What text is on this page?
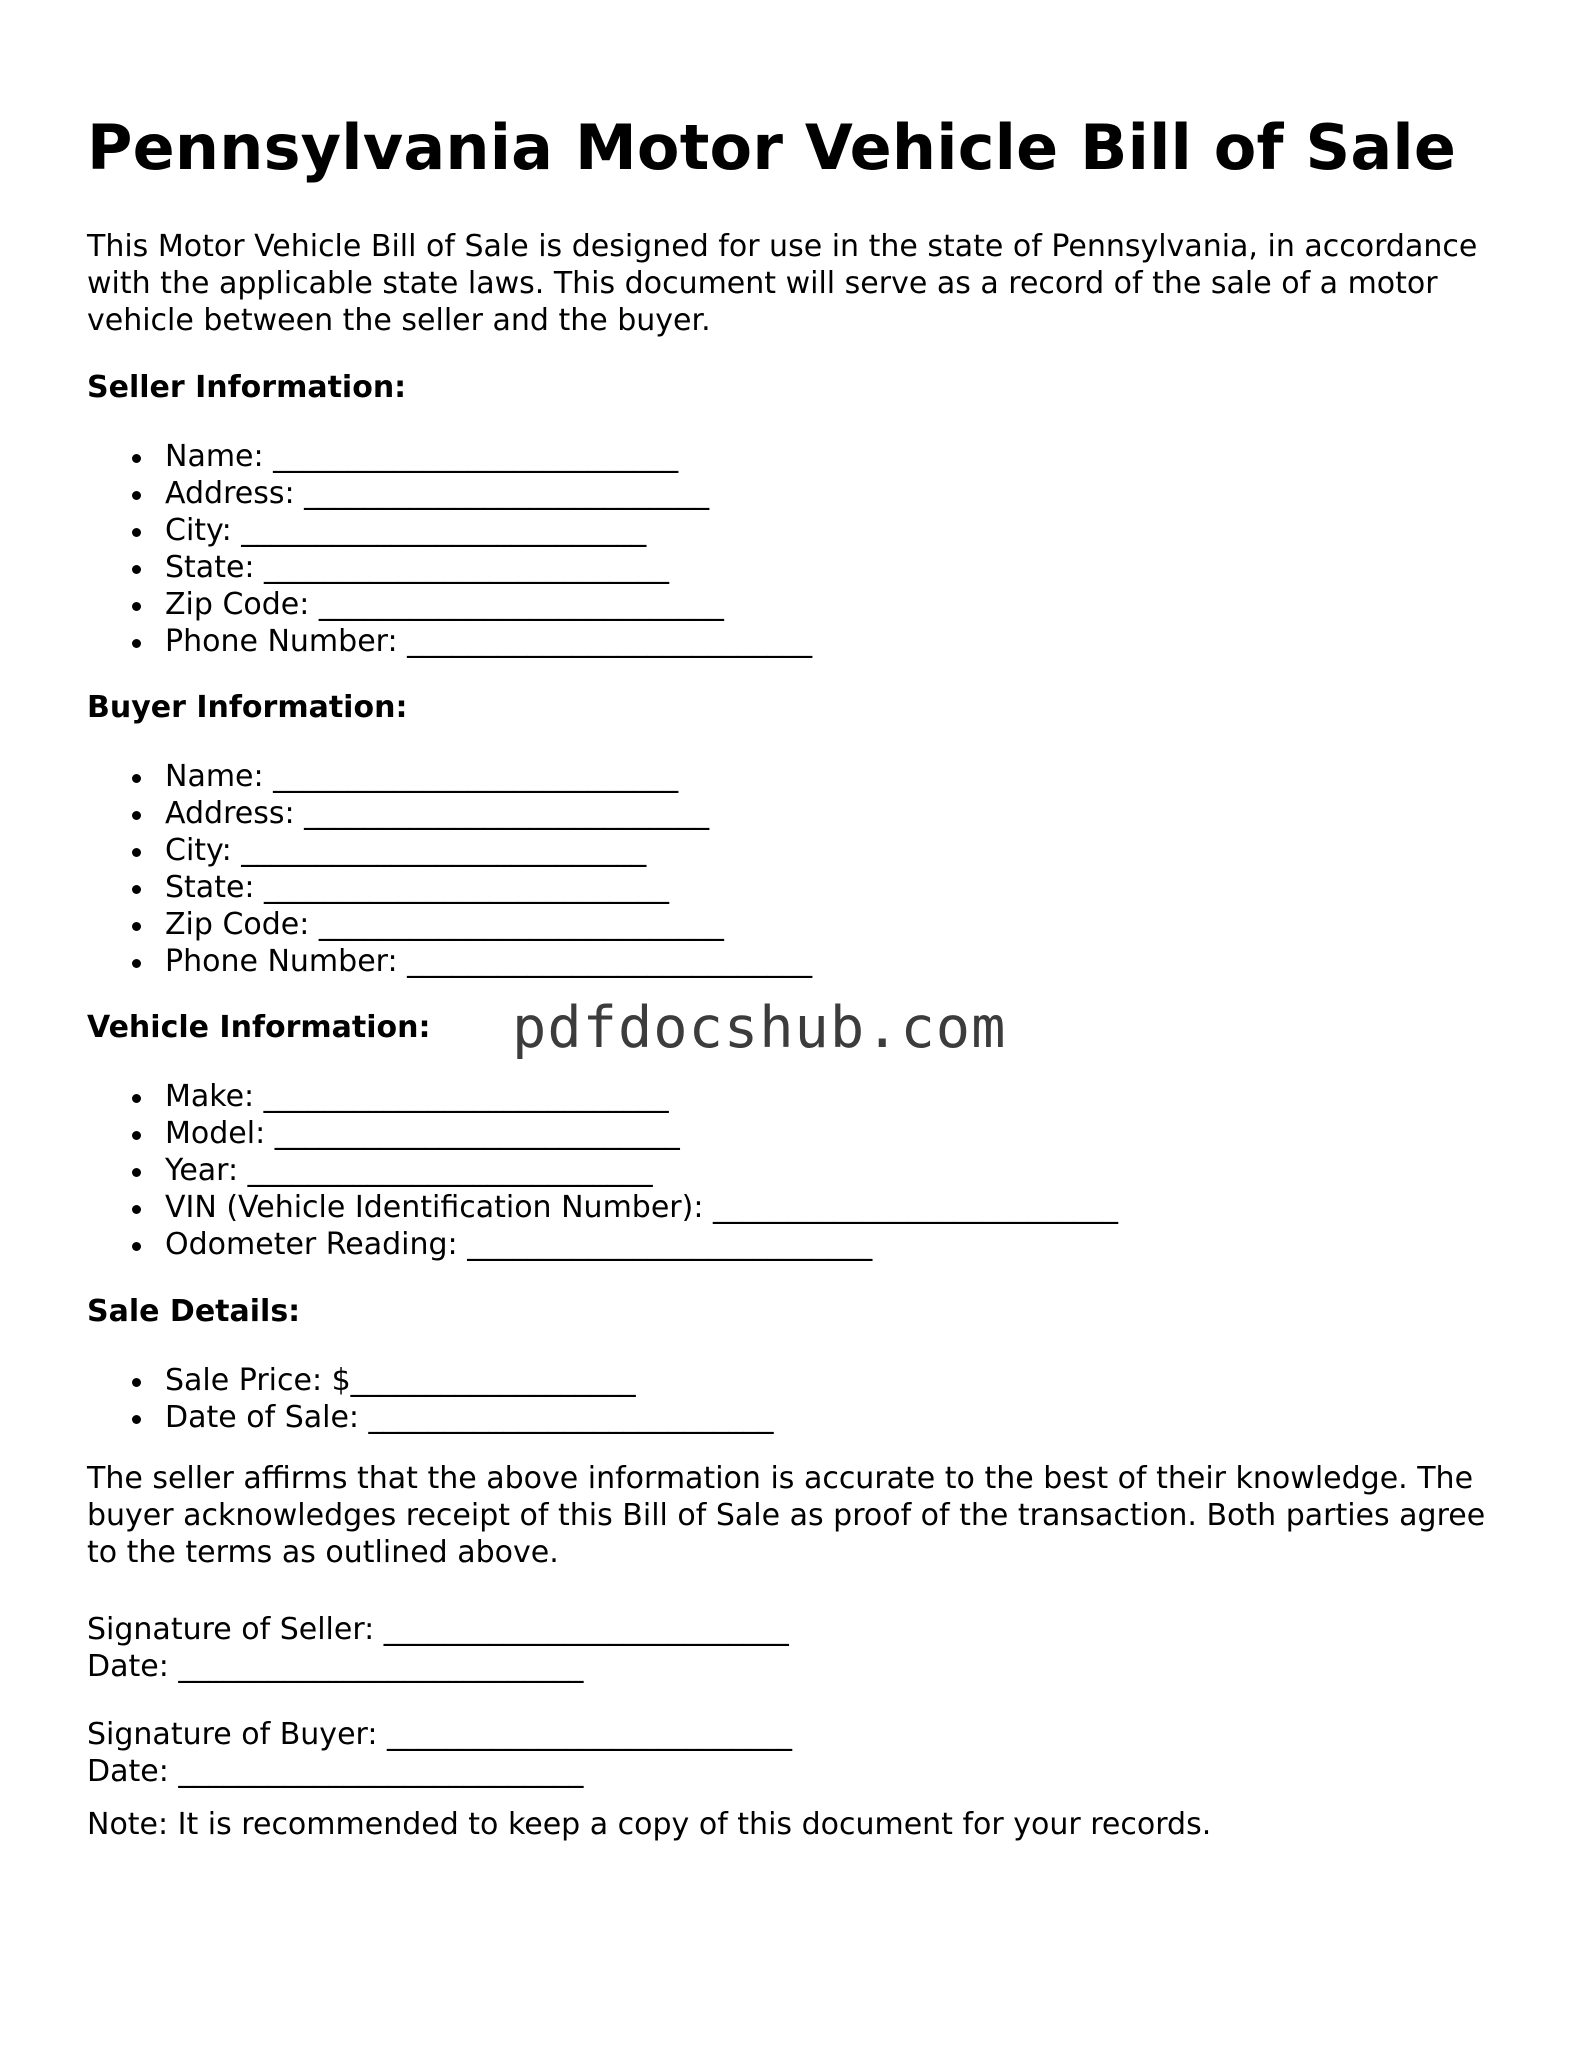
Pennsylvania Motor Vehicle Bill of Sale

This Motor Vehicle Bill of Sale is designed for use in the state of Pennsylvania, in accordance with the applicable state laws. This document will serve as a record of the sale of a motor vehicle between the seller and the buyer.

Seller Information:
Name: ___________________________
Address: ___________________________
City: ___________________________
State: ___________________________
Zip Code: ___________________________
Phone Number: ___________________________
Buyer Information:
Name: ___________________________
Address: ___________________________
City: ___________________________
State: ___________________________
Zip Code: ___________________________
Phone Number: ___________________________
Vehicle Information:
Make: ___________________________
Model: ___________________________
Year: ___________________________
VIN (Vehicle Identification Number): ___________________________
Odometer Reading: ___________________________
Sale Details:
Sale Price: $___________________
Date of Sale: ___________________________

The seller affirms that the above information is accurate to the best of their knowledge. The buyer acknowledges receipt of this Bill of Sale as proof of the transaction. Both parties agree to the terms as outlined above.

Signature of Seller: ___________________________
Date: ___________________________
Signature of Buyer: ___________________________
Date: ___________________________

Note: It is recommended to keep a copy of this document for your records.

pdfdocshub.com
